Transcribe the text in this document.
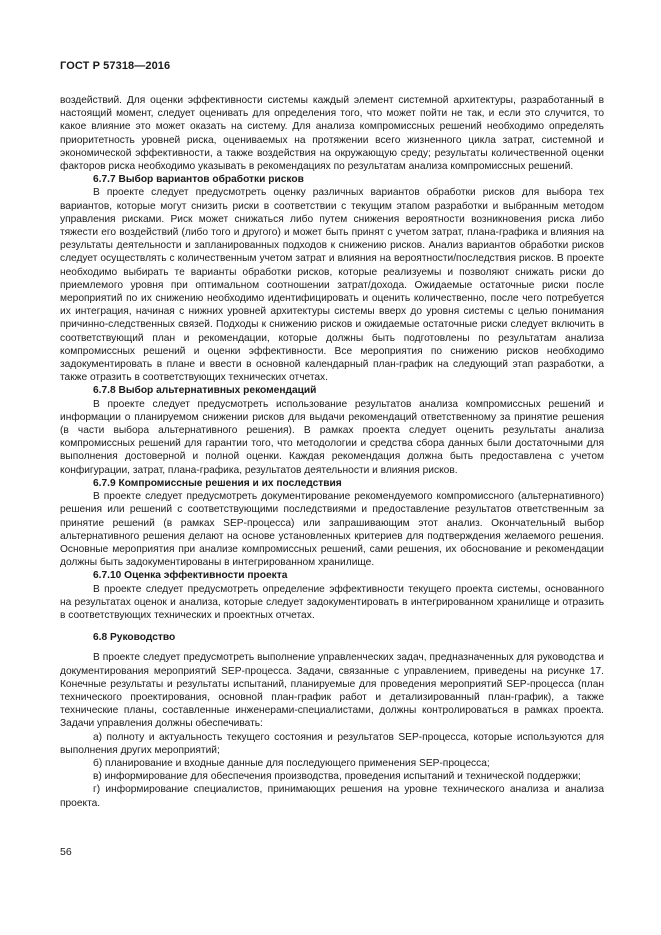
ГОСТ Р 57318—2016

воздействий. Для оценки эффективности системы каждый элемент системной архитектуры, разработанный в настоящий момент, следует оценивать для определения того, что может пойти не так, и если это случится, то какое влияние это может оказать на систему. Для анализа компромиссных решений необходимо определять приоритетность уровней риска, оцениваемых на протяжении всего жизненного цикла затрат, системной и экономической эффективности, а также воздействия на окружающую среду; результаты количественной оценки факторов риска необходимо указывать в рекомендациях по результатам анализа компромиссных решений.

6.7.7 Выбор вариантов обработки рисков

В проекте следует предусмотреть оценку различных вариантов обработки рисков для выбора тех вариантов, которые могут снизить риски в соответствии с текущим этапом разработки и выбранным методом управления рисками. Риск может снижаться либо путем снижения вероятности возникновения риска либо тяжести его воздействий (либо того и другого) и может быть принят с учетом затрат, плана-графика и влияния на результаты деятельности и запланированных подходов к снижению рисков. Анализ вариантов обработки рисков следует осуществлять с количественным учетом затрат и влияния на вероятности/последствия рисков. В проекте необходимо выбирать те варианты обработки рисков, которые реализуемы и позволяют снижать риски до приемлемого уровня при оптимальном соотношении затрат/дохода. Ожидаемые остаточные риски после мероприятий по их снижению необходимо идентифицировать и оценить количественно, после чего потребуется их интеграция, начиная с нижних уровней архитектуры системы вверх до уровня системы с целью понимания причинно-следственных связей. Подходы к снижению рисков и ожидаемые остаточные риски следует включить в соответствующий план и рекомендации, которые должны быть подготовлены по результатам анализа компромиссных решений и оценки эффективности. Все мероприятия по снижению рисков необходимо задокументировать в плане и ввести в основной календарный план-график на следующий этап разработки, а также отразить в соответствующих технических отчетах.

6.7.8 Выбор альтернативных рекомендаций

В проекте следует предусмотреть использование результатов анализа компромиссных решений и информации о планируемом снижении рисков для выдачи рекомендаций ответственному за принятие решения (в части выбора альтернативного решения). В рамках проекта следует оценить результаты анализа компромиссных решений для гарантии того, что методологии и средства сбора данных были достаточными для выполнения достоверной и полной оценки. Каждая рекомендация должна быть предоставлена с учетом конфигурации, затрат, плана-графика, результатов деятельности и влияния рисков.

6.7.9 Компромиссные решения и их последствия

В проекте следует предусмотреть документирование рекомендуемого компромиссного (альтернативного) решения или решений с соответствующими последствиями и предоставление результатов ответственным за принятие решений (в рамках SEP-процесса) или запрашивающим этот анализ. Окончательный выбор альтернативного решения делают на основе установленных критериев для подтверждения желаемого решения. Основные мероприятия при анализе компромиссных решений, сами решения, их обоснование и рекомендации должны быть задокументированы в интегрированном хранилище.

6.7.10 Оценка эффективности проекта

В проекте следует предусмотреть определение эффективности текущего проекта системы, основанного на результатах оценок и анализа, которые следует задокументировать в интегрированном хранилище и отразить в соответствующих технических и проектных отчетах.

6.8 Руководство

В проекте следует предусмотреть выполнение управленческих задач, предназначенных для руководства и документирования мероприятий SEP-процесса. Задачи, связанные с управлением, приведены на рисунке 17. Конечные результаты и результаты испытаний, планируемые для проведения мероприятий SEP-процесса (план технического проектирования, основной план-график работ и детализированный план-график), а также технические планы, составленные инженерами-специалистами, должны контролироваться в рамках проекта. Задачи управления должны обеспечивать:

а) полноту и актуальность текущего состояния и результатов SEP-процесса, которые используются для выполнения других мероприятий;

б) планирование и входные данные для последующего применения SEP-процесса;

в) информирование для обеспечения производства, проведения испытаний и технической поддержки;

г) информирование специалистов, принимающих решения на уровне технического анализа и анализа проекта.

56
